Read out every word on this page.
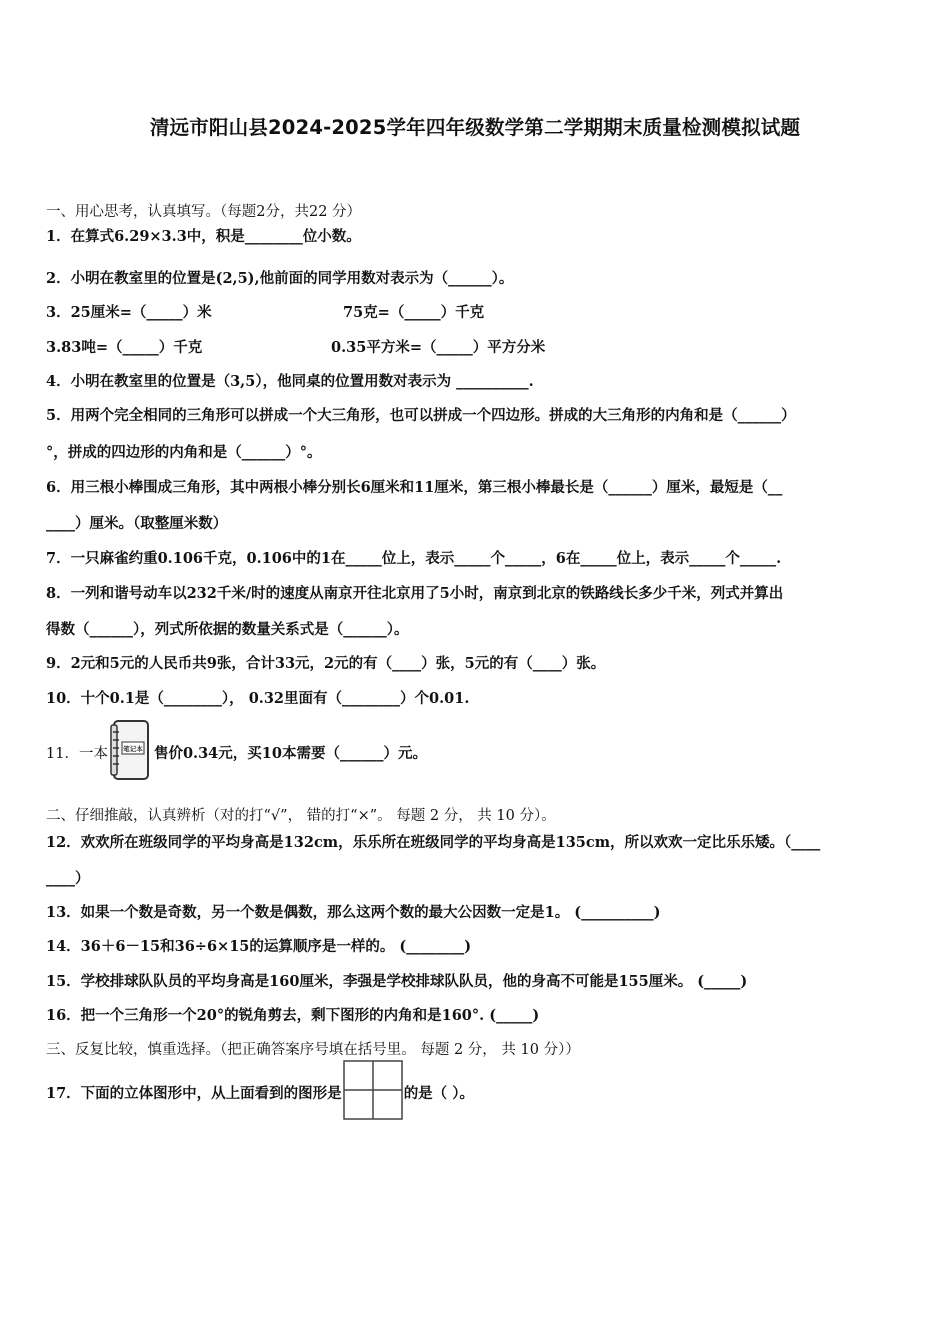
清远市阳山县2024-2025学年四年级数学第二学期期末质量检测模拟试题
一、用心思考，认真填写。（每题2分，共22 分）
1．在算式6.29×3.3中，积是________位小数。
2．小明在教室里的位置是(2,5),他前面的同学用数对表示为（______）。
3．25厘米=（_____）米	75克=（_____）千克
3.83吨=（_____）千克	0.35平方米=（_____）平方分米
4．小明在教室里的位置是（3,5），他同桌的位置用数对表示为 __________.
5．用两个完全相同的三角形可以拼成一个大三角形，也可以拼成一个四边形。拼成的大三角形的内角和是（______）
°，拼成的四边形的内角和是（______）°。
6．用三根小棒围成三角形，其中两根小棒分别长6厘米和11厘米，第三根小棒最长是（______）厘米，最短是（__
____）厘米。（取整厘米数）
7．一只麻雀约重0.106千克，0.106中的1在_____位上，表示_____个_____，6在_____位上，表示_____个_____.
8．一列和谐号动车以232千米/时的速度从南京开往北京用了5小时，南京到北京的铁路线长多少千米，列式并算出
得数（______），列式所依据的数量关系式是（______）。
9．2元和5元的人民币共9张，合计33元，2元的有（____）张，5元的有（____）张。
10．十个0.1是（________）， 0.32里面有（________）个0.01.
11．一本 笔记本 售价0.34元，买10本需要（______）元。
二、仔细推敲，认真辨析（对的打“√”， 错的打“×”。 每题 2 分， 共 10 分）。
12．欢欢所在班级同学的平均身高是132cm，乐乐所在班级同学的平均身高是135cm，所以欢欢一定比乐乐矮。（____
____）
13．如果一个数是奇数，另一个数是偶数，那么这两个数的最大公因数一定是1。 (__________)
14．36＋6－15和36÷6×15的运算顺序是一样的。 (________)
15．学校排球队队员的平均身高是160厘米，李强是学校排球队队员，他的身高不可能是155厘米。 (_____)
16．把一个三角形一个20°的锐角剪去，剩下图形的内角和是160°. (_____)
三、反复比较，慎重选择。（把正确答案序号填在括号里。 每题 2 分， 共 10 分））
17．下面的立体图形中，从上面看到的图形是	的是（ ）。
